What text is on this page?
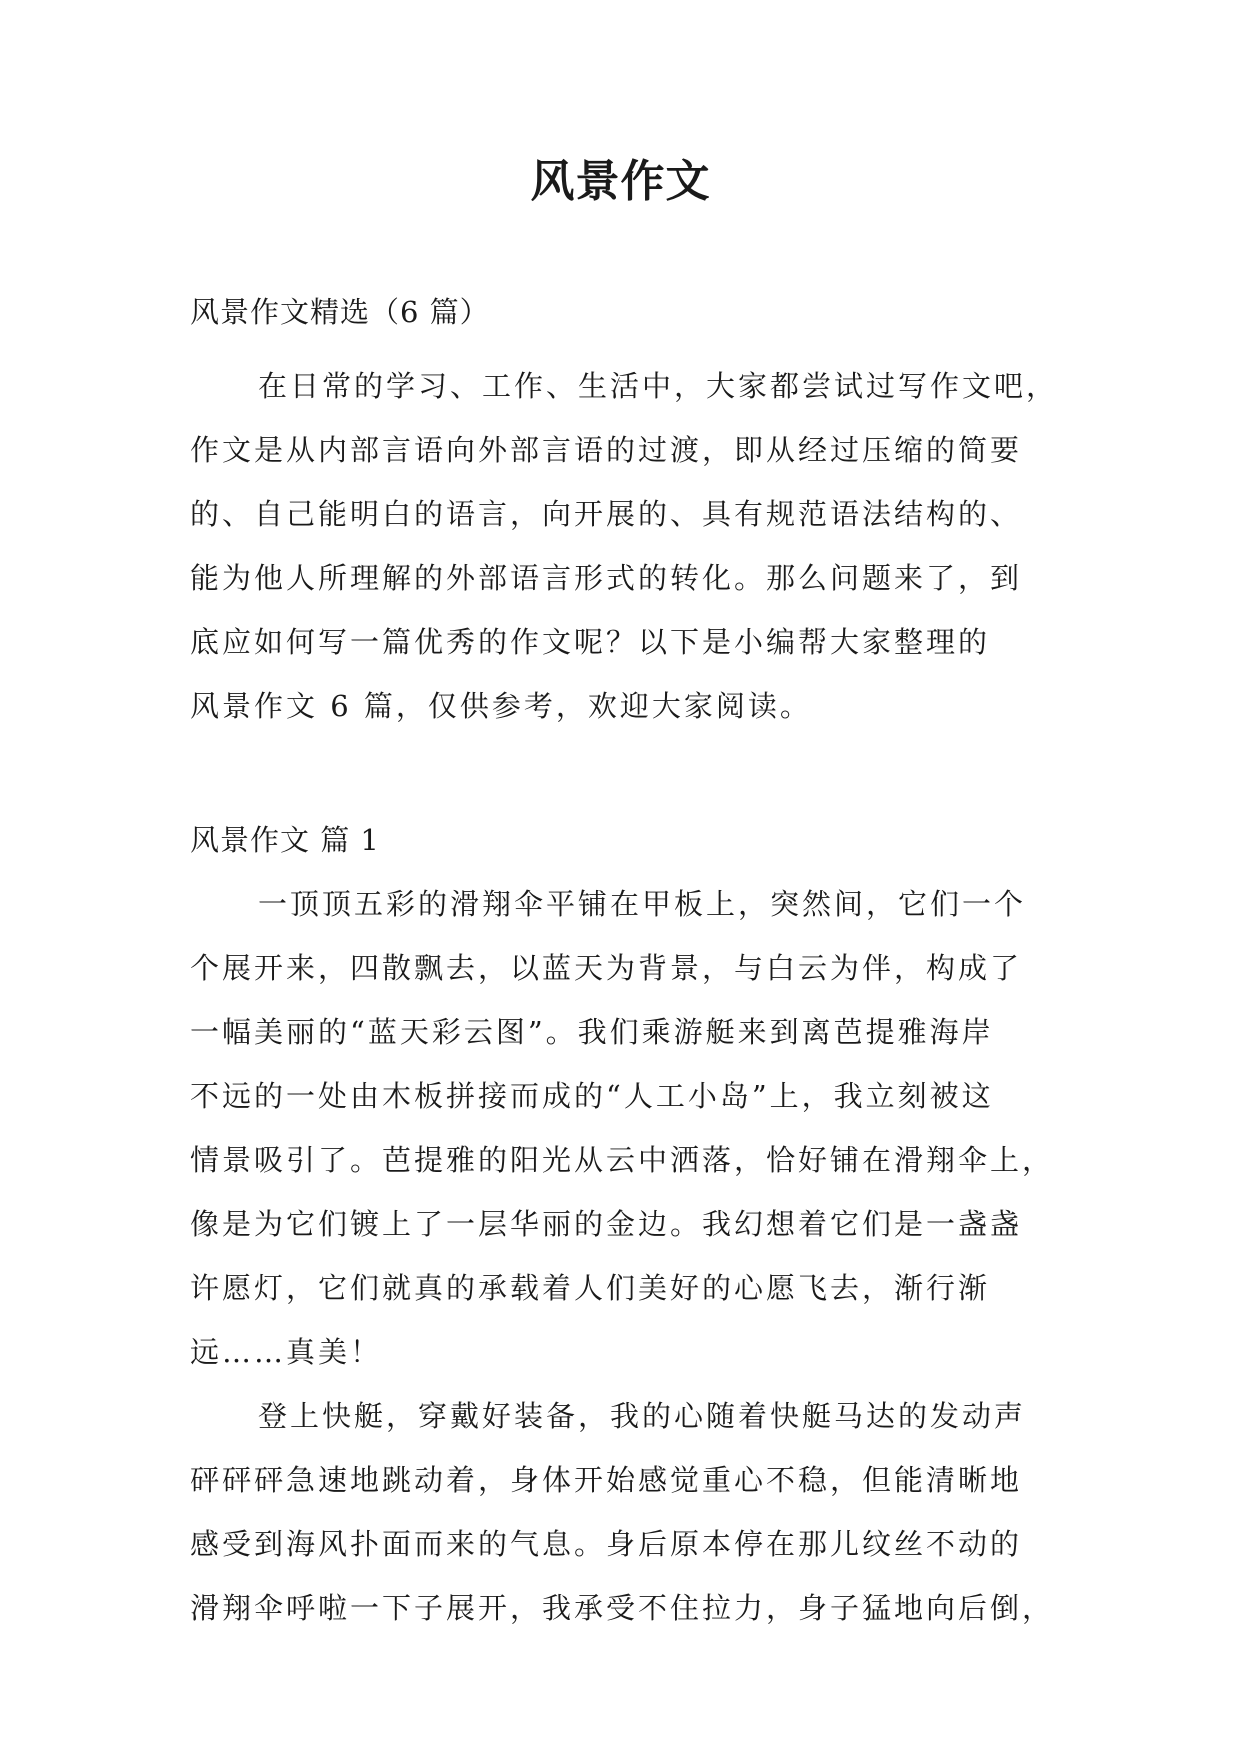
风景作文
风景作文精选（6 篇）
在日常的学习、工作、生活中，大家都尝试过写作文吧，
作文是从内部言语向外部言语的过渡，即从经过压缩的简要
的、自己能明白的语言，向开展的、具有规范语法结构的、
能为他人所理解的外部语言形式的转化。那么问题来了，到
底应如何写一篇优秀的作文呢？以下是小编帮大家整理的
风景作文 6 篇，仅供参考，欢迎大家阅读。
风景作文 篇 1
一顶顶五彩的滑翔伞平铺在甲板上，突然间，它们一个
个展开来，四散飘去，以蓝天为背景，与白云为伴，构成了
一幅美丽的“蓝天彩云图”。我们乘游艇来到离芭提雅海岸
不远的一处由木板拼接而成的“人工小岛”上，我立刻被这
情景吸引了。芭提雅的阳光从云中洒落，恰好铺在滑翔伞上，
像是为它们镀上了一层华丽的金边。我幻想着它们是一盏盏
许愿灯，它们就真的承载着人们美好的心愿飞去，渐行渐
远……真美！
登上快艇，穿戴好装备，我的心随着快艇马达的发动声
砰砰砰急速地跳动着，身体开始感觉重心不稳，但能清晰地
感受到海风扑面而来的气息。身后原本停在那儿纹丝不动的
滑翔伞呼啦一下子展开，我承受不住拉力，身子猛地向后倒，
